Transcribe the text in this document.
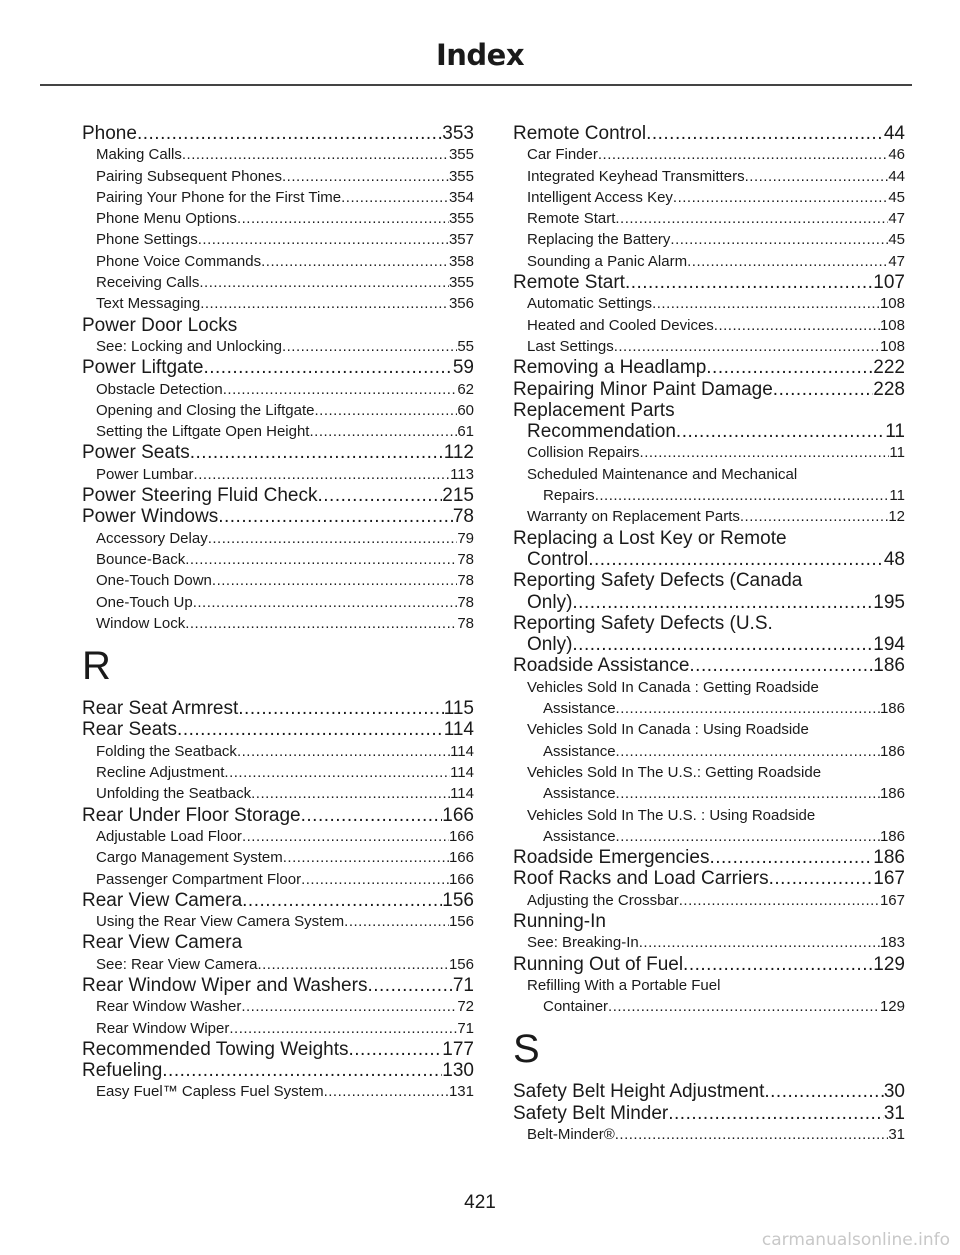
Index
Phone .....	353
Making Calls .....	355
Pairing Subsequent Phones .....	355
Pairing Your Phone for the First Time .....	354
Phone Menu Options .....	355
Phone Settings .....	357
Phone Voice Commands .....	358
Receiving Calls .....	355
Text Messaging .....	356
Power Door Locks
See: Locking and Unlocking .....	55
Power Liftgate .....	59
Obstacle Detection .....	62
Opening and Closing the Liftgate .....	60
Setting the Liftgate Open Height .....	61
Power Seats .....	112
Power Lumbar .....	113
Power Steering Fluid Check .....	215
Power Windows .....	78
Accessory Delay .....	79
Bounce-Back .....	78
One-Touch Down .....	78
One-Touch Up .....	78
Window Lock .....	78
R
Rear Seat Armrest .....	115
Rear Seats .....	114
Folding the Seatback .....	114
Recline Adjustment .....	114
Unfolding the Seatback .....	114
Rear Under Floor Storage .....	166
Adjustable Load Floor .....	166
Cargo Management System .....	166
Passenger Compartment Floor .....	166
Rear View Camera .....	156
Using the Rear View Camera System .....	156
Rear View Camera
See: Rear View Camera .....	156
Rear Window Wiper and Washers .....	71
Rear Window Washer .....	72
Rear Window Wiper .....	71
Recommended Towing Weights .....	177
Refueling .....	130
Easy Fuel™ Capless Fuel System .....	131
Remote Control .....	44
Car Finder .....	46
Integrated Keyhead Transmitters .....	44
Intelligent Access Key .....	45
Remote Start .....	47
Replacing the Battery .....	45
Sounding a Panic Alarm .....	47
Remote Start .....	107
Automatic Settings .....	108
Heated and Cooled Devices .....	108
Last Settings .....	108
Removing a Headlamp .....	222
Repairing Minor Paint Damage .....	228
Replacement Parts
Recommendation .....	11
Collision Repairs .....	11
Scheduled Maintenance and Mechanical
Repairs .....	11
Warranty on Replacement Parts .....	12
Replacing a Lost Key or Remote
Control .....	48
Reporting Safety Defects (Canada
Only) .....	195
Reporting Safety Defects (U.S.
Only) .....	194
Roadside Assistance .....	186
Vehicles Sold In Canada : Getting Roadside
Assistance .....	186
Vehicles Sold In Canada : Using Roadside
Assistance .....	186
Vehicles Sold In The U.S.: Getting Roadside
Assistance .....	186
Vehicles Sold In The U.S. : Using Roadside
Assistance .....	186
Roadside Emergencies .....	186
Roof Racks and Load Carriers .....	167
Adjusting the Crossbar .....	167
Running-In
See: Breaking-In .....	183
Running Out of Fuel .....	129
Refilling With a Portable Fuel
Container .....	129
S
Safety Belt Height Adjustment .....	30
Safety Belt Minder .....	31
Belt-Minder® .....	31
421
carmanualsonline.info
